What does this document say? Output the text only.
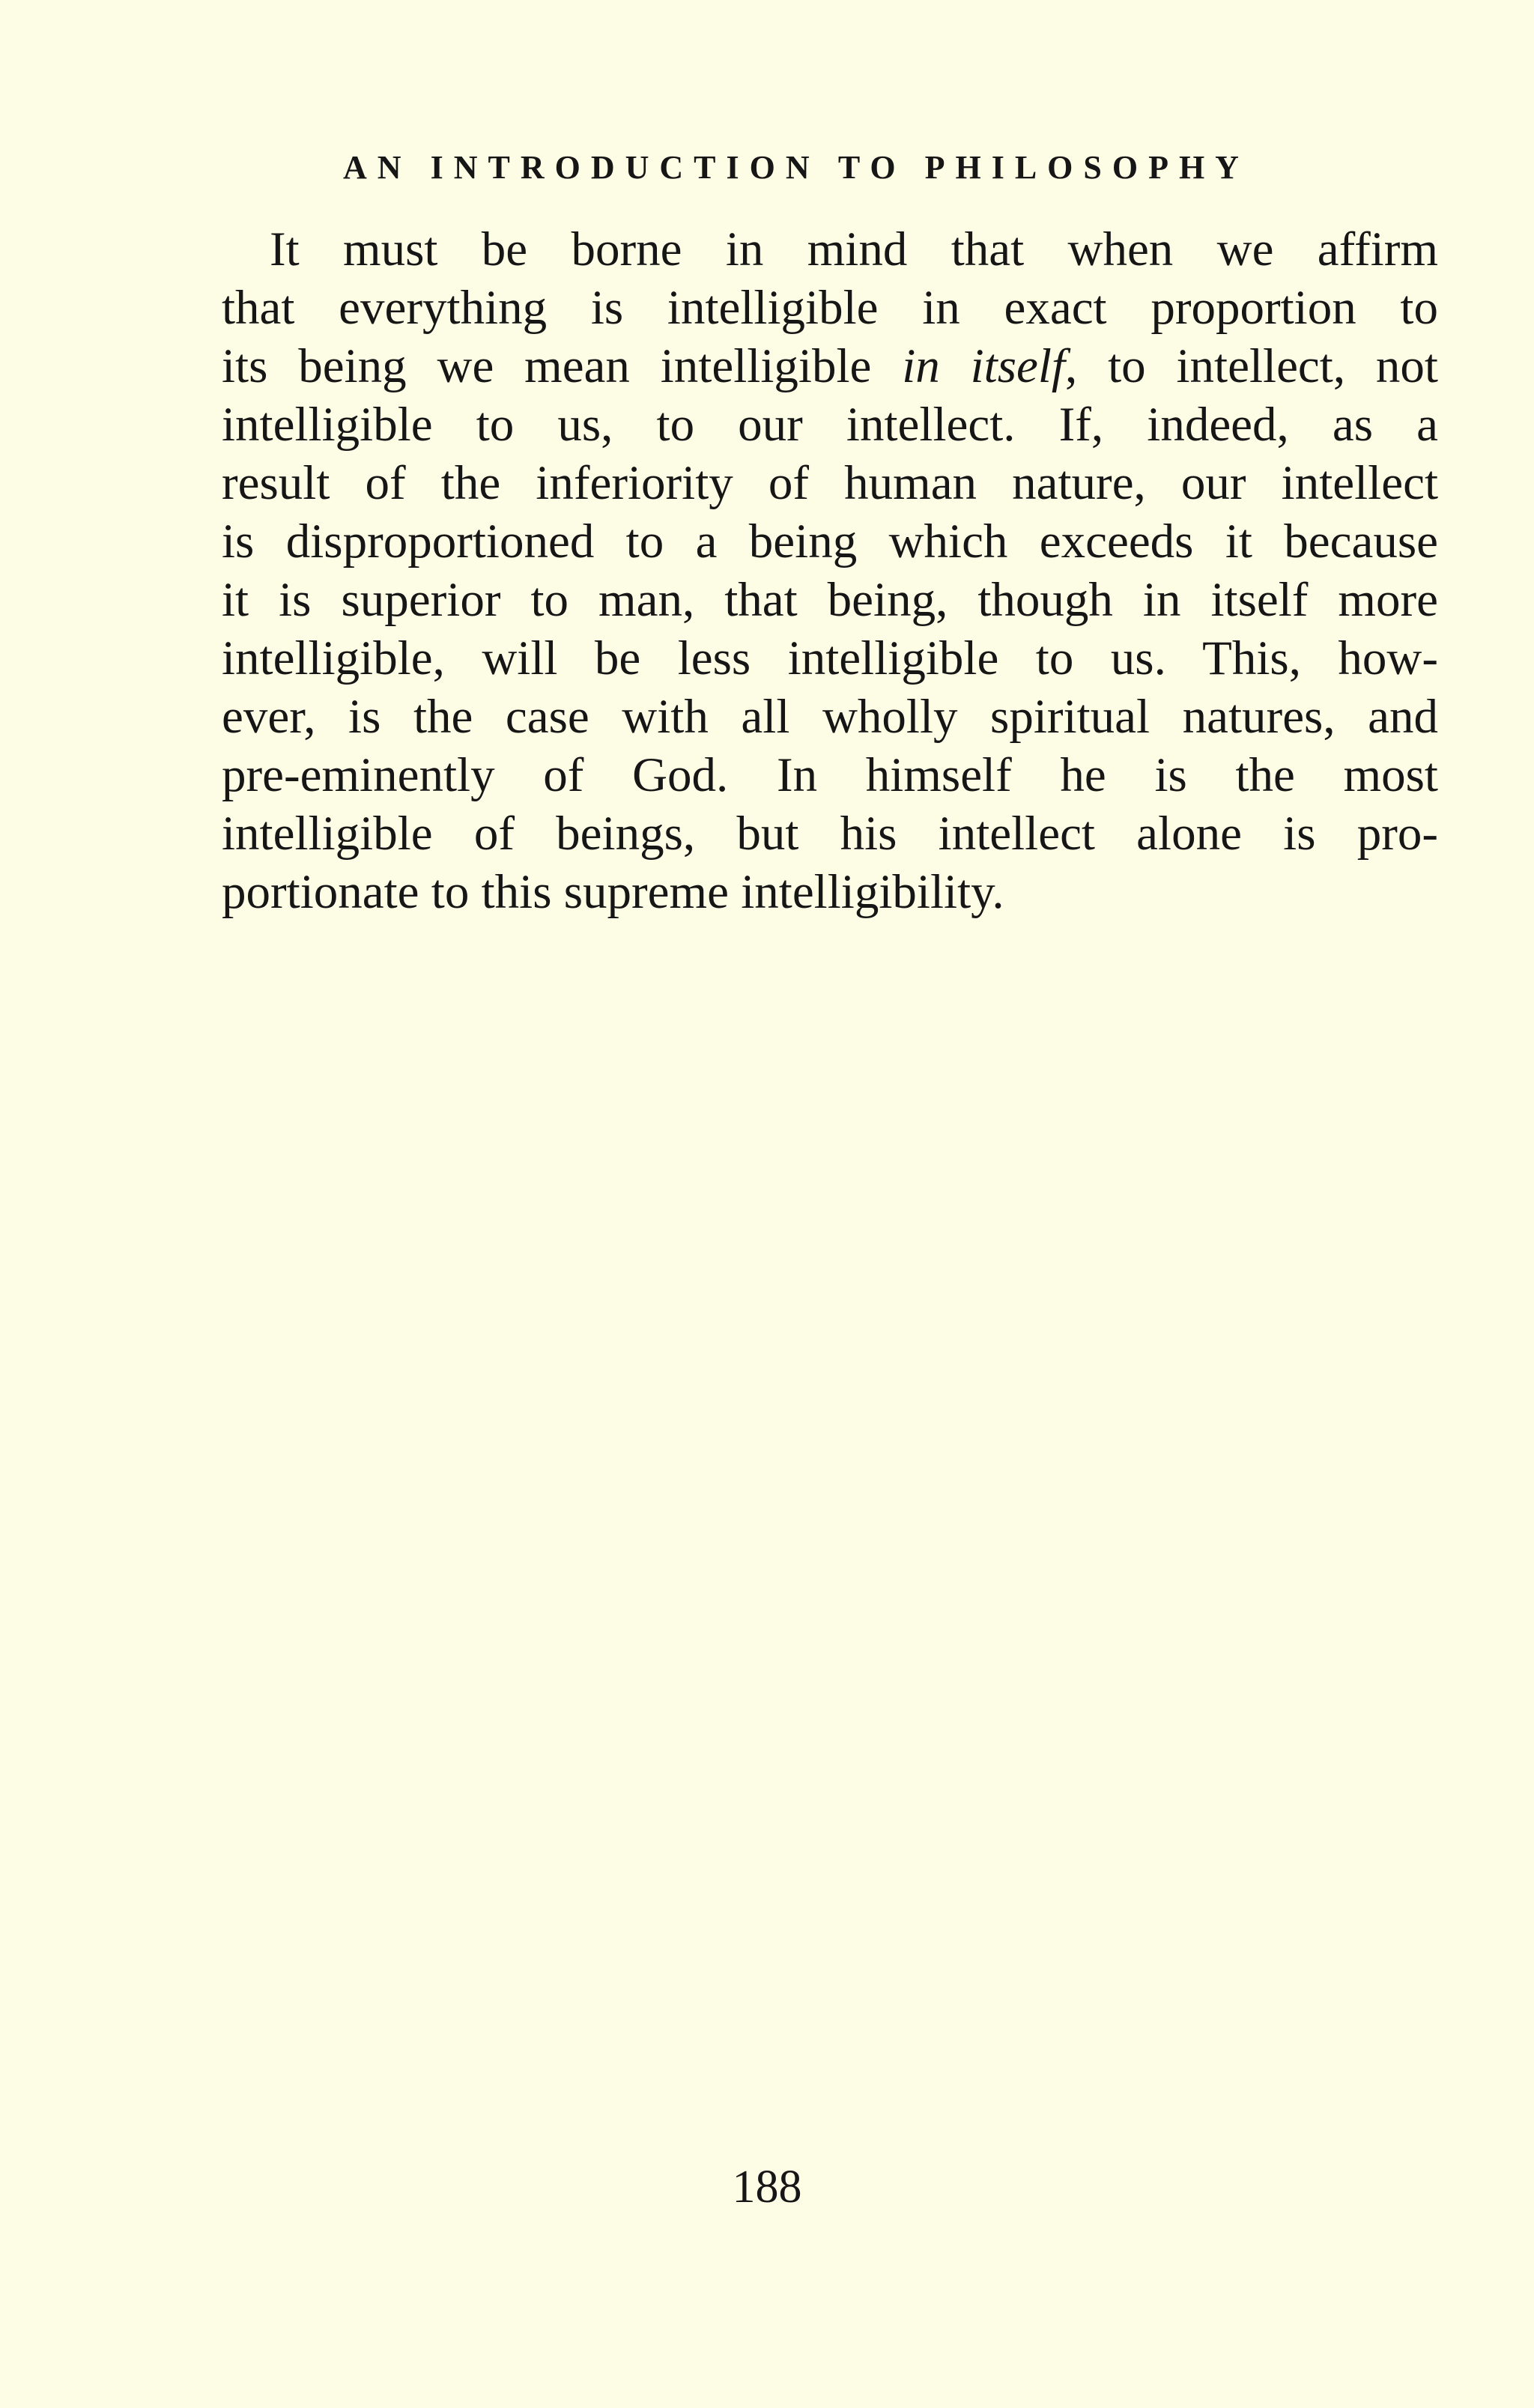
AN INTRODUCTION TO PHILOSOPHY
It must be borne in mind that when we affirm
that everything is intelligible in exact proportion to
its being we mean intelligible in itself, to intellect, not
intelligible to us, to our intellect. If, indeed, as a
result of the inferiority of human nature, our intellect
is disproportioned to a being which exceeds it because
it is superior to man, that being, though in itself more
intelligible, will be less intelligible to us. This, how-
ever, is the case with all wholly spiritual natures, and
pre-eminently of God. In himself he is the most
intelligible of beings, but his intellect alone is pro-
portionate to this supreme intelligibility.
188
